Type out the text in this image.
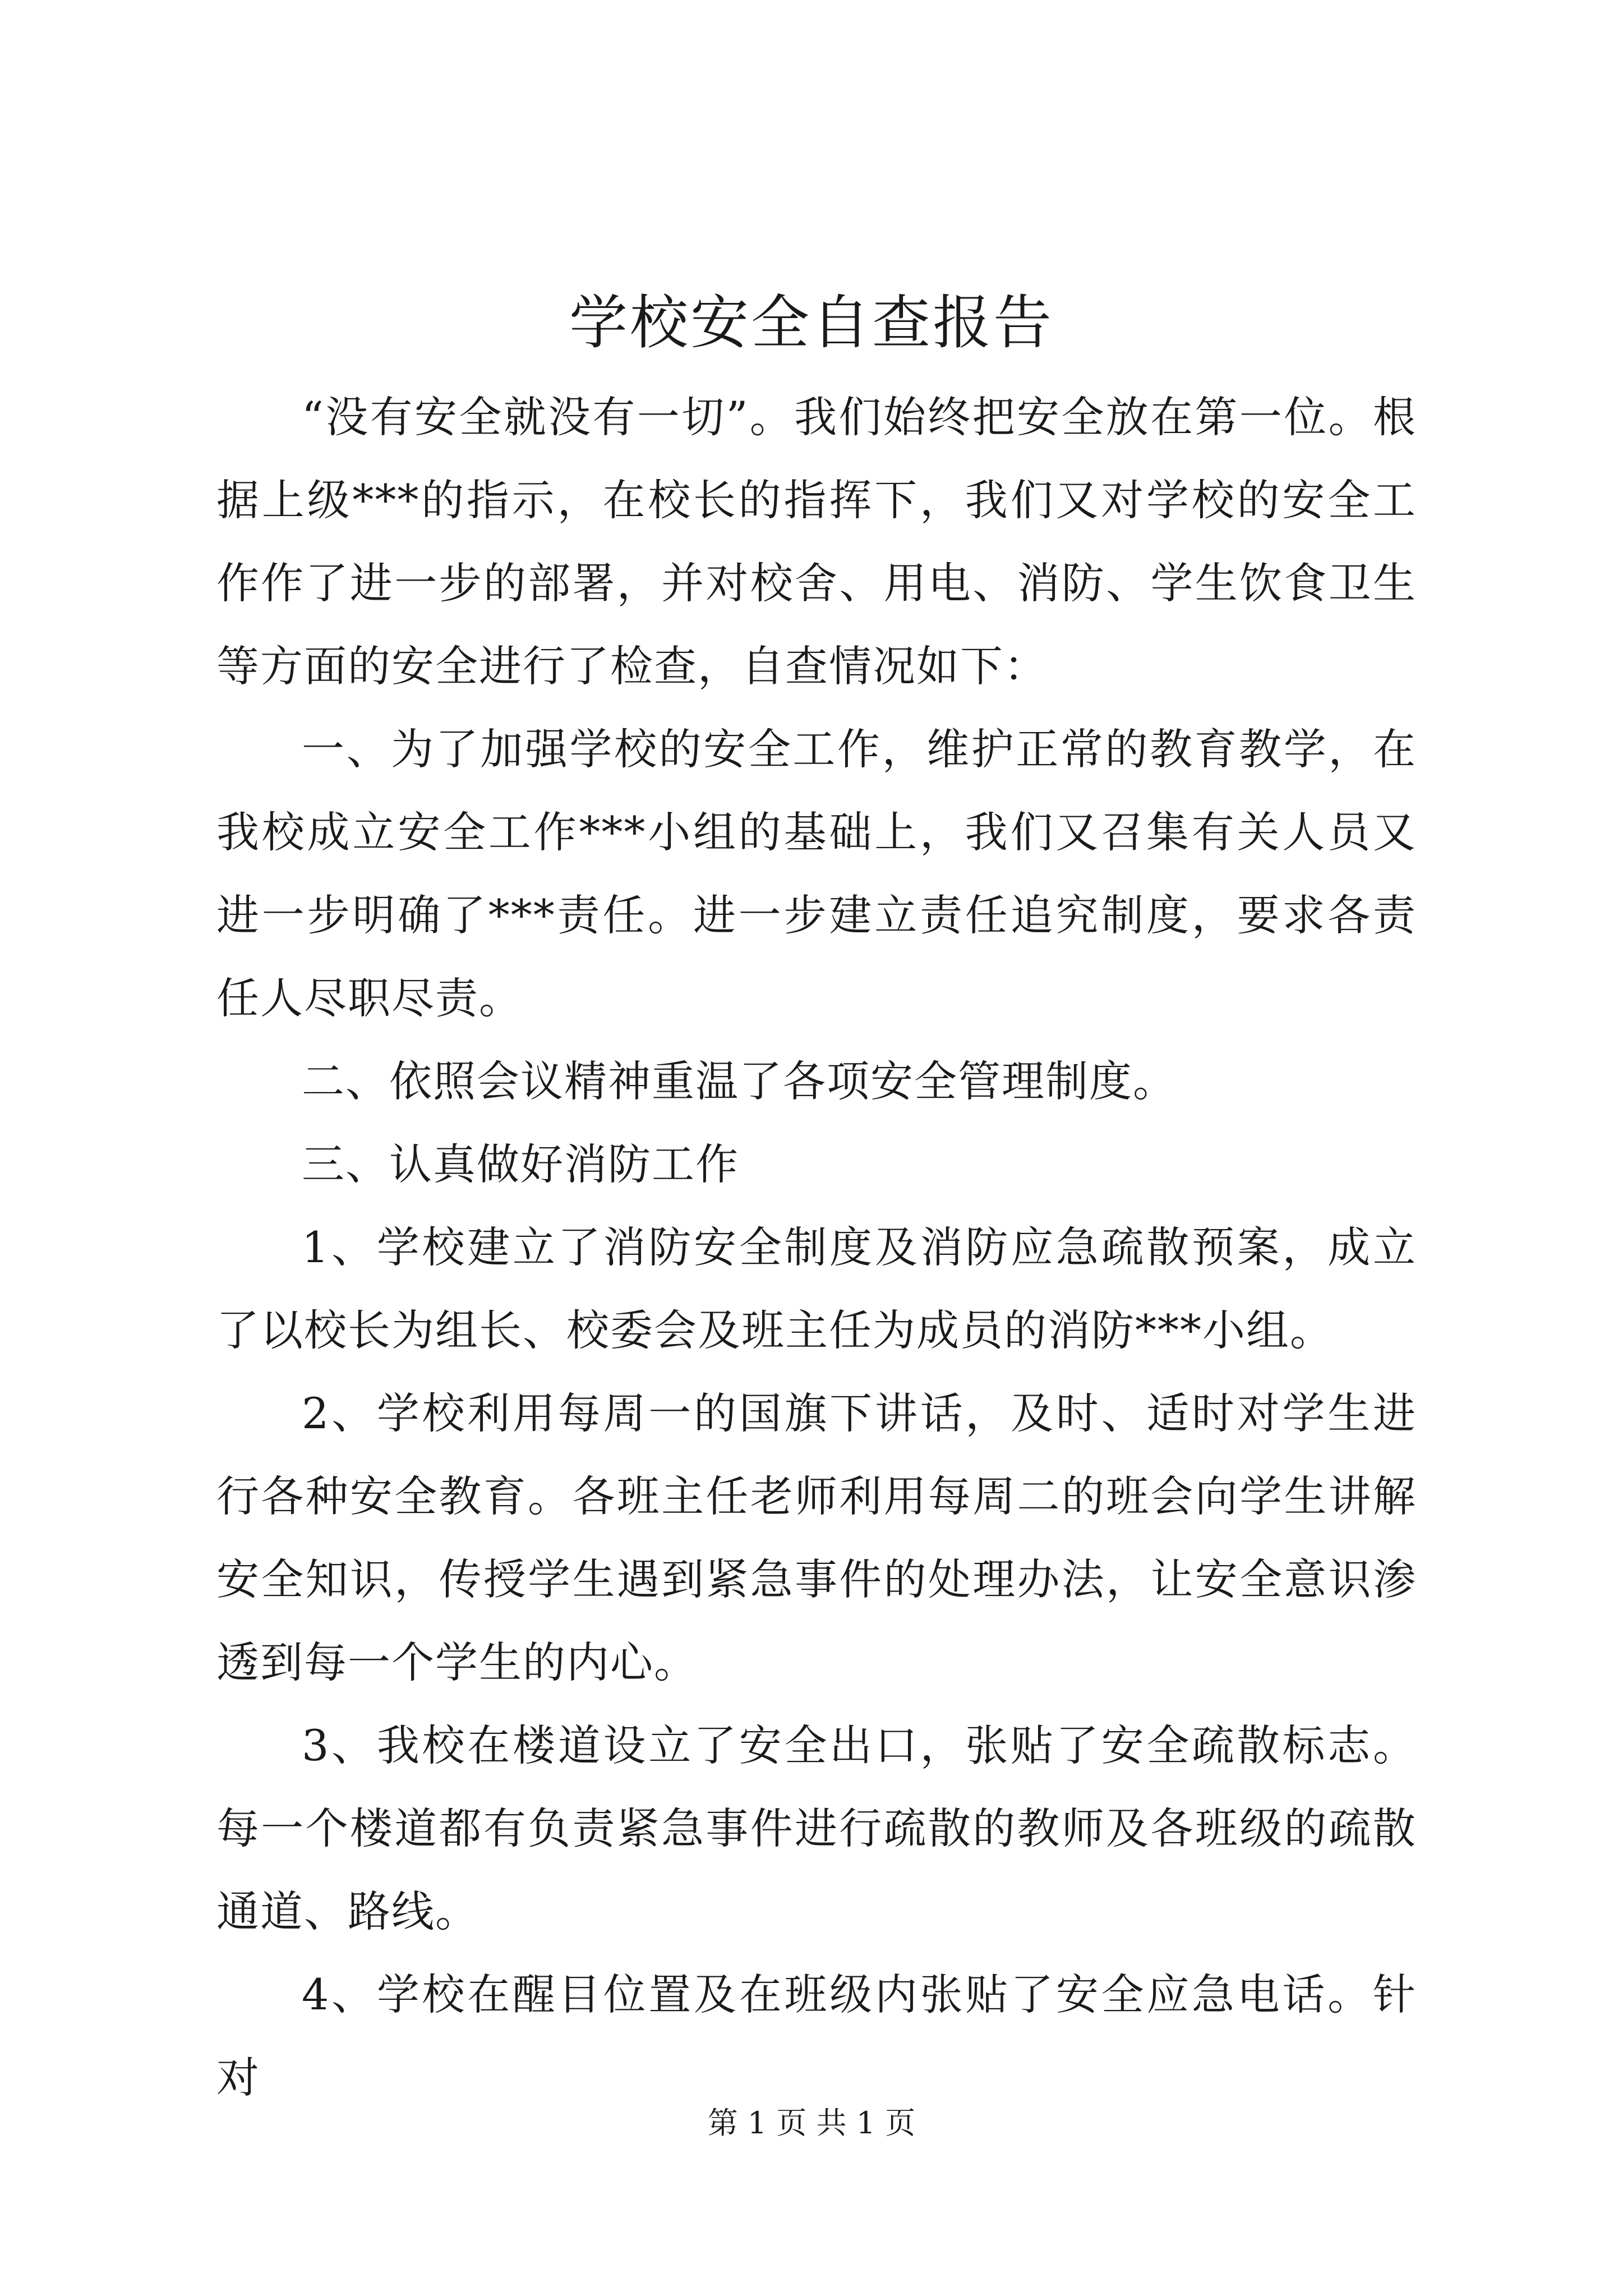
学校安全自查报告

“没有安全就没有一切”。我们始终把安全放在第一位。根据上级***的指示，在校长的指挥下，我们又对学校的安全工作作了进一步的部署，并对校舍、用电、消防、学生饮食卫生等方面的安全进行了检查，自查情况如下：

一、为了加强学校的安全工作，维护正常的教育教学，在我校成立安全工作***小组的基础上，我们又召集有关人员又进一步明确了***责任。进一步建立责任追究制度，要求各责任人尽职尽责。

二、依照会议精神重温了各项安全管理制度。

三、认真做好消防工作

1、学校建立了消防安全制度及消防应急疏散预案，成立了以校长为组长、校委会及班主任为成员的消防***小组。

2、学校利用每周一的国旗下讲话，及时、适时对学生进行各种安全教育。各班主任老师利用每周二的班会向学生讲解安全知识，传授学生遇到紧急事件的处理办法，让安全意识渗透到每一个学生的内心。

3、我校在楼道设立了安全出口，张贴了安全疏散标志。每一个楼道都有负责紧急事件进行疏散的教师及各班级的疏散通道、路线。

4、学校在醒目位置及在班级内张贴了安全应急电话。针对

第 1 页 共 1 页
